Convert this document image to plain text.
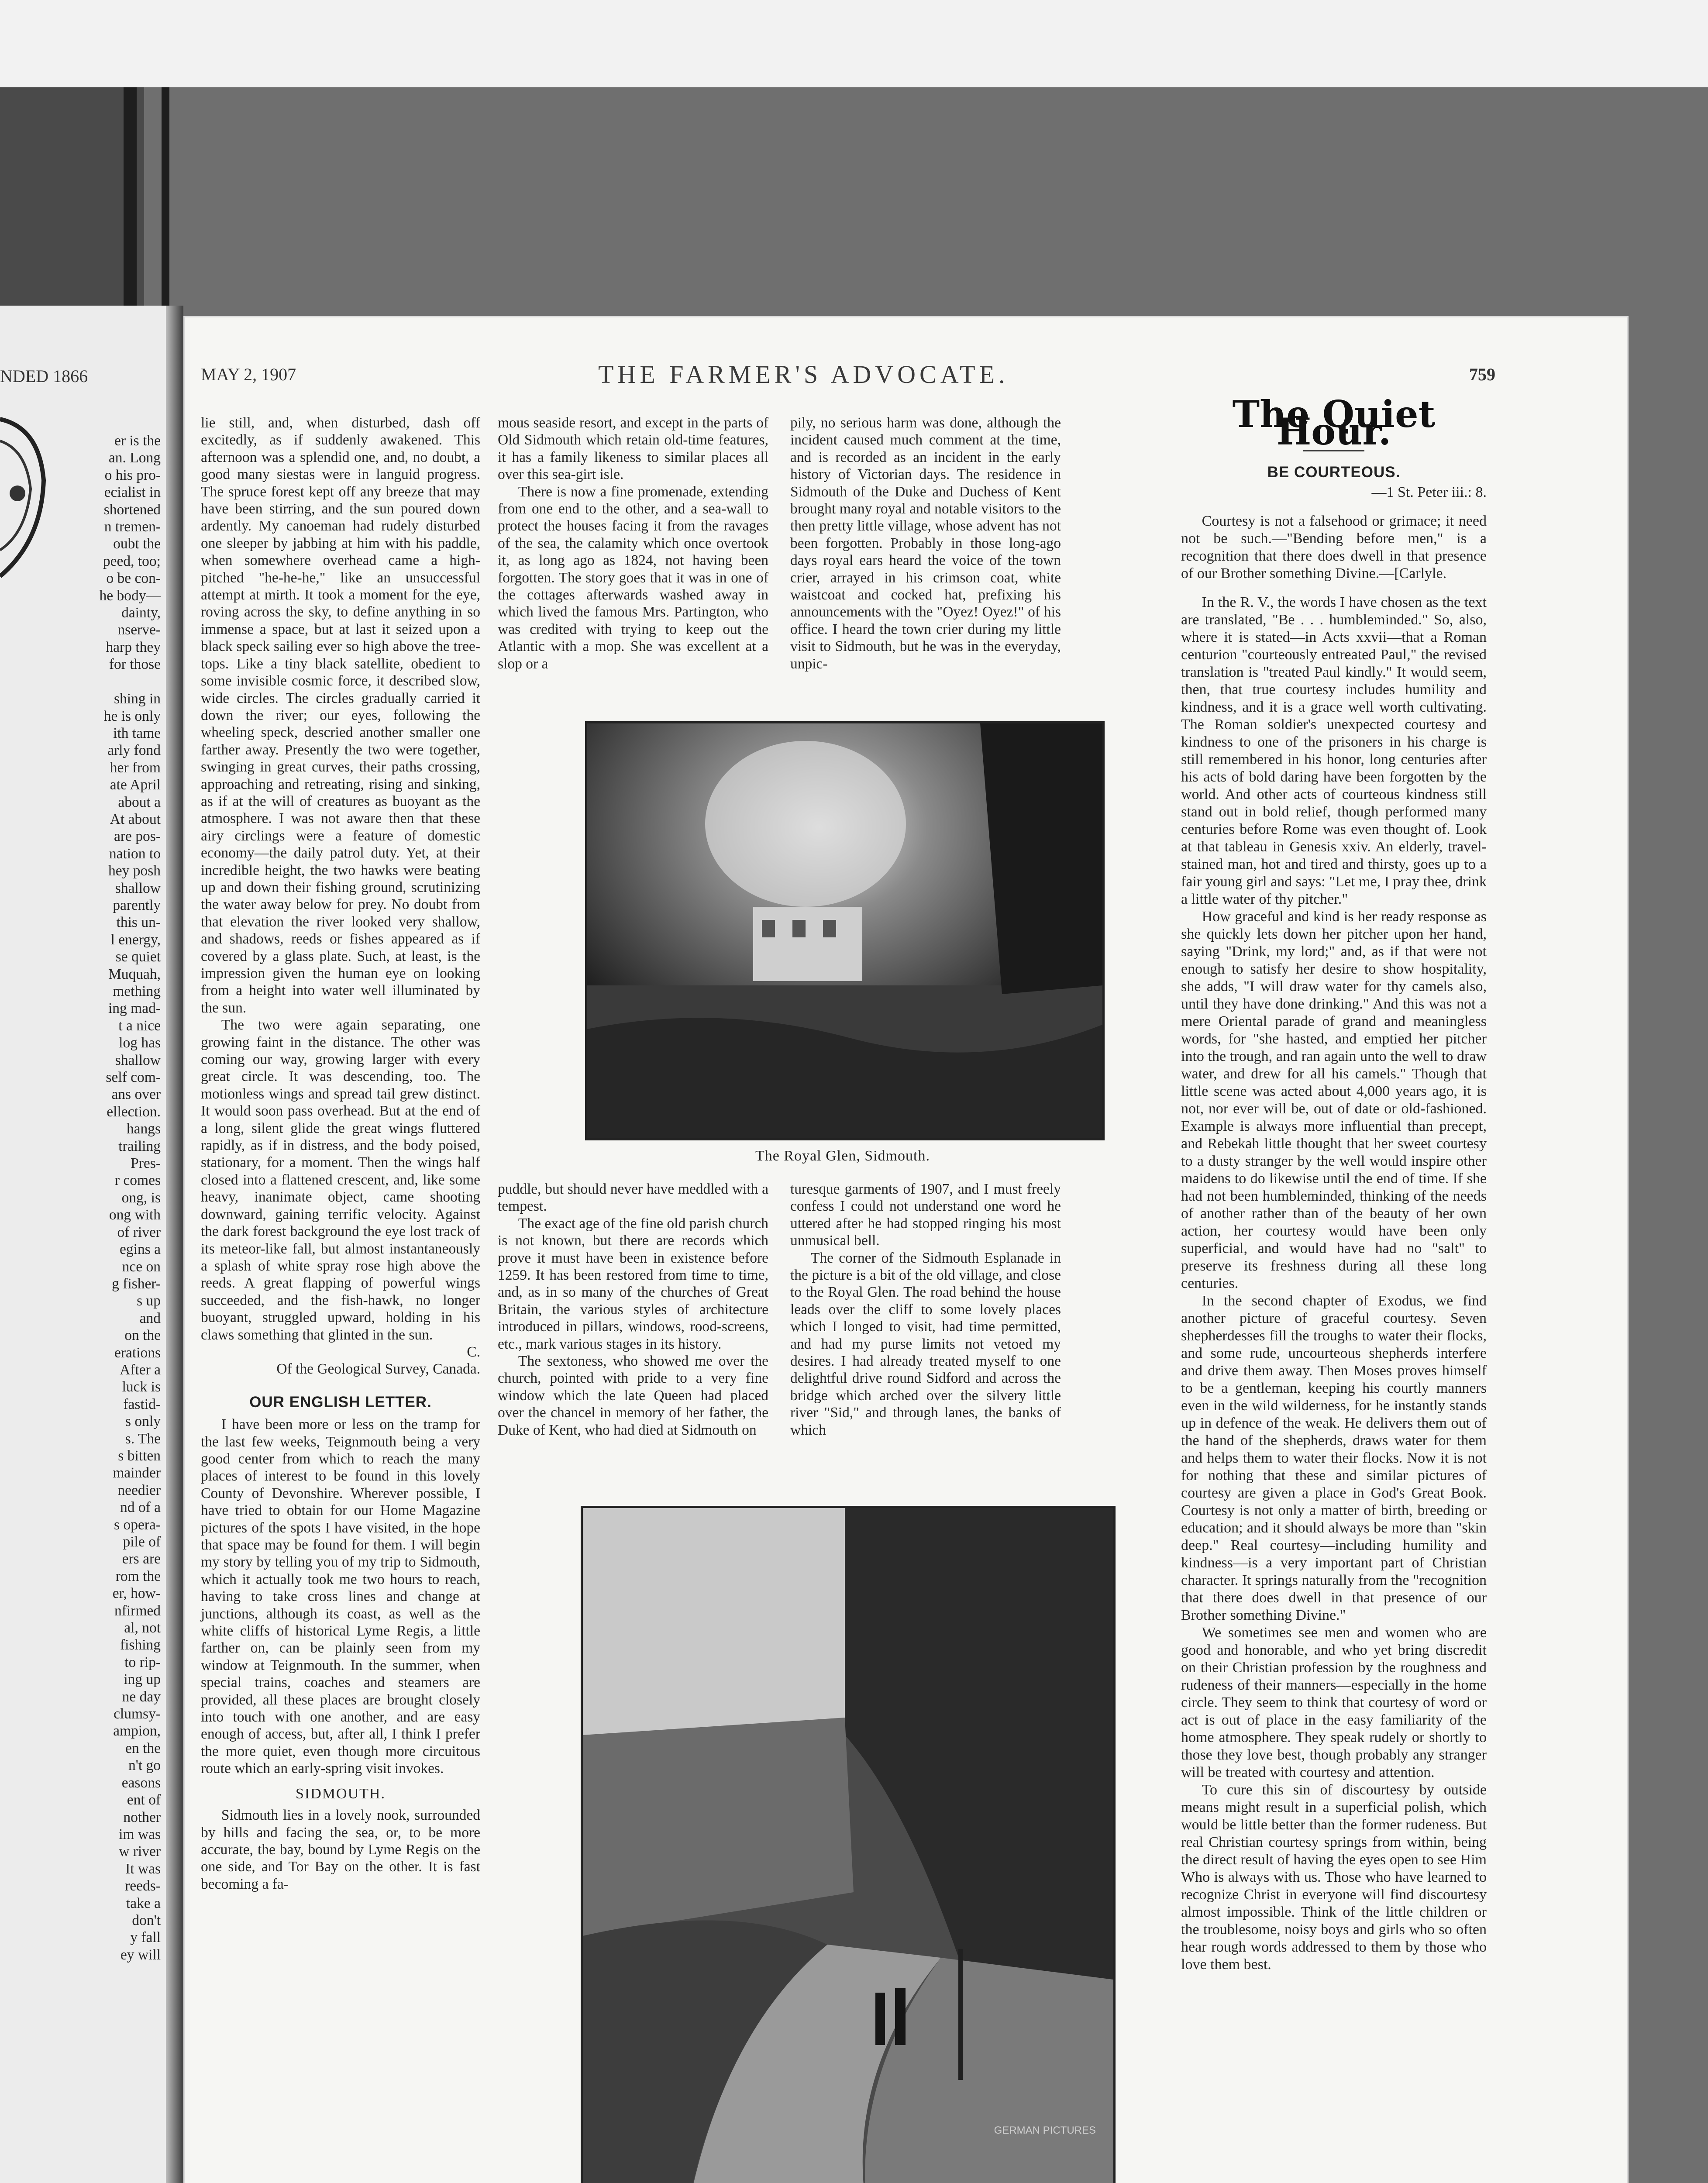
NDED 1866

er is the

an. Long

o his pro-

ecialist in

shortened

n tremen-

oubt the

peed, too;

o be con-

he body—

dainty,

nserve-

harp they

for those

shing in

he is only

ith tame

arly fond

her from

ate April

about a

At about

are pos-

nation to

hey posh

shallow

parently

this un-

l energy,

se quiet

Muquah,

mething

ing mad-

t a nice

log has

shallow

self com-

ans over

ellection.

hangs

trailing

Pres-

r comes

ong, is

ong with

of river

egins a

nce on

g fisher-

s up

and

on the

erations

After a

luck is

fastid-

s only

s. The

s bitten

mainder

needier

nd of a

s opera-

pile of

ers are

rom the

er, how-

nfirmed

al, not

fishing

to rip-

ing up

ne day

clumsy-

ampion,

en the

n't go

easons

ent of

nother

im was

w river

It was

reeds-

take a

don't

y fall

ey will

MAY 2, 1907	THE FARMER'S ADVOCATE.	759

lie still, and, when disturbed, dash off excitedly, as if suddenly awakened. This afternoon was a splendid one, and, no doubt, a good many siestas were in languid progress. The spruce forest kept off any breeze that may have been stirring, and the sun poured down ardently. My canoeman had rudely disturbed one sleeper by jabbing at him with his paddle, when somewhere overhead came a high-pitched "he-he-he," like an unsuccessful attempt at mirth. It took a moment for the eye, roving across the sky, to define anything in so immense a space, but at last it seized upon a black speck sailing ever so high above the tree-tops. Like a tiny black satellite, obedient to some invisible cosmic force, it described slow, wide circles. The circles gradually carried it down the river; our eyes, following the wheeling speck, descried another smaller one farther away. Presently the two were together, swinging in great curves, their paths crossing, approaching and retreating, rising and sinking, as if at the will of creatures as buoyant as the atmosphere. I was not aware then that these airy circlings were a feature of domestic economy—the daily patrol duty. Yet, at their incredible height, the two hawks were beating up and down their fishing ground, scrutinizing the water away below for prey. No doubt from that elevation the river looked very shallow, and shadows, reeds or fishes appeared as if covered by a glass plate. Such, at least, is the impression given the human eye on looking from a height into water well illuminated by the sun.

The two were again separating, one growing faint in the distance. The other was coming our way, growing larger with every great circle. It was descending, too. The motionless wings and spread tail grew distinct. It would soon pass overhead. But at the end of a long, silent glide the great wings fluttered rapidly, as if in distress, and the body poised, stationary, for a moment. Then the wings half closed into a flattened crescent, and, like some heavy, inanimate object, came shooting downward, gaining terrific velocity. Against the dark forest background the eye lost track of its meteor-like fall, but almost instantaneously a splash of white spray rose high above the reeds. A great flapping of powerful wings succeeded, and the fish-hawk, no longer buoyant, struggled upward, holding in his claws something that glinted in the sun.

C.

Of the Geological Survey, Canada.

OUR ENGLISH LETTER.

I have been more or less on the tramp for the last few weeks, Teignmouth being a very good center from which to reach the many places of interest to be found in this lovely County of Devonshire. Wherever possible, I have tried to obtain for our Home Magazine pictures of the spots I have visited, in the hope that space may be found for them. I will begin my story by telling you of my trip to Sidmouth, which it actually took me two hours to reach, having to take cross lines and change at junctions, although its coast, as well as the white cliffs of historical Lyme Regis, a little farther on, can be plainly seen from my window at Teignmouth. In the summer, when special trains, coaches and steamers are provided, all these places are brought closely into touch with one another, and are easy enough of access, but, after all, I think I prefer the more quiet, even though more circuitous route which an early-spring visit invokes.

SIDMOUTH.

Sidmouth lies in a lovely nook, surrounded by hills and facing the sea, or, to be more accurate, the bay, bound by Lyme Regis on the one side, and Tor Bay on the other. It is fast becoming a fa-

mous seaside resort, and except in the parts of Old Sidmouth which retain old-time features, it has a family likeness to similar places all over this sea-girt isle.

There is now a fine promenade, extending from one end to the other, and a sea-wall to protect the houses facing it from the ravages of the sea, the calamity which once overtook it, as long ago as 1824, not having been forgotten. The story goes that it was in one of the cottages afterwards washed away in which lived the famous Mrs. Partington, who was credited with trying to keep out the Atlantic with a mop. She was excellent at a slop or a

pily, no serious harm was done, although the incident caused much comment at the time, and is recorded as an incident in the early history of Victorian days. The residence in Sidmouth of the Duke and Duchess of Kent brought many royal and notable visitors to the then pretty little village, whose advent has not been forgotten. Probably in those long-ago days royal ears heard the voice of the town crier, arrayed in his crimson coat, white waistcoat and cocked hat, prefixing his announcements with the "Oyez! Oyez!" of his office. I heard the town crier during my little visit to Sidmouth, but he was in the everyday, unpic-

The Royal Glen, Sidmouth.

puddle, but should never have meddled with a tempest.

The exact age of the fine old parish church is not known, but there are records which prove it must have been in existence before 1259. It has been restored from time to time, and, as in so many of the churches of Great Britain, the various styles of architecture introduced in pillars, windows, rood-screens, etc., mark various stages in its history.

The sextoness, who showed me over the church, pointed with pride to a very fine window which the late Queen had placed over the chancel in memory of her father, the Duke of Kent, who had died at Sidmouth on

turesque garments of 1907, and I must freely confess I could not understand one word he uttered after he had stopped ringing his most unmusical bell.

The corner of the Sidmouth Esplanade in the picture is a bit of the old village, and close to the Royal Glen. The road behind the house leads over the cliff to some lovely places which I longed to visit, had time permitted, and had my purse limits not vetoed my desires. I had already treated myself to one delightful drive round Sidford and across the bridge which arched over the silvery little river "Sid," and through lanes, the banks of which

GERMAN PICTURES

The Quiet Hour.
BE COURTEOUS.

—1 St. Peter iii.: 8.

Courtesy is not a falsehood or grimace; it need not be such.—"Bending before men," is a recognition that there does dwell in that presence of our Brother something Divine.—[Carlyle.

In the R. V., the words I have chosen as the text are translated, "Be . . . humbleminded." So, also, where it is stated—in Acts xxvii—that a Roman centurion "courteously entreated Paul," the revised translation is "treated Paul kindly." It would seem, then, that true courtesy includes humility and kindness, and it is a grace well worth cultivating. The Roman soldier's unexpected courtesy and kindness to one of the prisoners in his charge is still remembered in his honor, long centuries after his acts of bold daring have been forgotten by the world. And other acts of courteous kindness still stand out in bold relief, though performed many centuries before Rome was even thought of. Look at that tableau in Genesis xxiv. An elderly, travel-stained man, hot and tired and thirsty, goes up to a fair young girl and says: "Let me, I pray thee, drink a little water of thy pitcher."

How graceful and kind is her ready response as she quickly lets down her pitcher upon her hand, saying "Drink, my lord;" and, as if that were not enough to satisfy her desire to show hospitality, she adds, "I will draw water for thy camels also, until they have done drinking." And this was not a mere Oriental parade of grand and meaningless words, for "she hasted, and emptied her pitcher into the trough, and ran again unto the well to draw water, and drew for all his camels." Though that little scene was acted about 4,000 years ago, it is not, nor ever will be, out of date or old-fashioned. Example is always more influential than precept, and Rebekah little thought that her sweet courtesy to a dusty stranger by the well would inspire other maidens to do likewise until the end of time. If she had not been humbleminded, thinking of the needs of another rather than of the beauty of her own action, her courtesy would have been only superficial, and would have had no "salt" to preserve its freshness during all these long centuries.

In the second chapter of Exodus, we find another picture of graceful courtesy. Seven shepherdesses fill the troughs to water their flocks, and some rude, uncourteous shepherds interfere and drive them away. Then Moses proves himself to be a gentleman, keeping his courtly manners even in the wild wilderness, for he instantly stands up in defence of the weak. He delivers them out of the hand of the shepherds, draws water for them and helps them to water their flocks. Now it is not for nothing that these and similar pictures of courtesy are given a place in God's Great Book. Courtesy is not only a matter of birth, breeding or education; and it should always be more than "skin deep." Real courtesy—including humility and kindness—is a very important part of Christian character. It springs naturally from the "recognition that there does dwell in that presence of our Brother something Divine."

We sometimes see men and women who are good and honorable, and who yet bring discredit on their Christian profession by the roughness and rudeness of their manners—especially in the home circle. They seem to think that courtesy of word or act is out of place in the easy familiarity of the home atmosphere. They speak rudely or shortly to those they love best, though probably any stranger will be treated with courtesy and attention.

To cure this sin of discourtesy by outside means might result in a superficial polish, which would be little better than the former rudeness. But real Christian courtesy springs from within, being the direct result of having the eyes open to see Him Who is always with us. Those who have learned to recognize Christ in everyone will find discourtesy almost impossible. Think of the little children or the troublesome, noisy boys and girls who so often hear rough words addressed to them by those who love them best.
